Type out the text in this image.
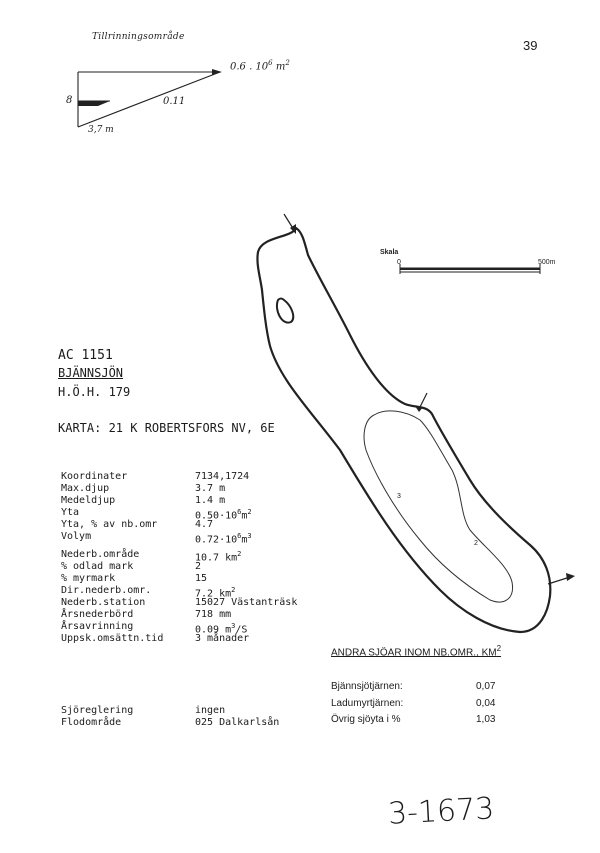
39
Tillrinningsområde
0.6 . $10^6$ $m^2$
8	0.11
3,7 m
Skala
0	500m
3
2
AC 1151
BJÄNNSJÖN
H.Ö.H. 179
KARTA: 21 K ROBERTSFORS NV, 6E
Koordinater	7134,1724
Max.djup	3.7 m
Medeldjup	1.4 m
Yta	$0.50\cdot 10^6m^2$
Yta, % av nb.omr	4.7
Volym	$0.72\cdot 10^6m^3$
Nederb.område	10.7 $km^2$
% odlad mark	2
% myrmark	15
Dir.nederb.omr.	7.2 $km^2$
Nederb.station	15027 Västanträsk
Årsnederbörd	718 mm
Årsavrinning	0.09 $m^3/S$
Uppsk.omsättn.tid	3 månader
Sjöreglering	ingen
Flodområde	025 Dalkarlsån
ANDRA SJÖAR INOM NB.OMR., $KM^2$
Bjännsjötjärnen:	0,07
Ladumyrtjärnen:	0,04
Övrig sjöyta i %	1,03
3-1673
